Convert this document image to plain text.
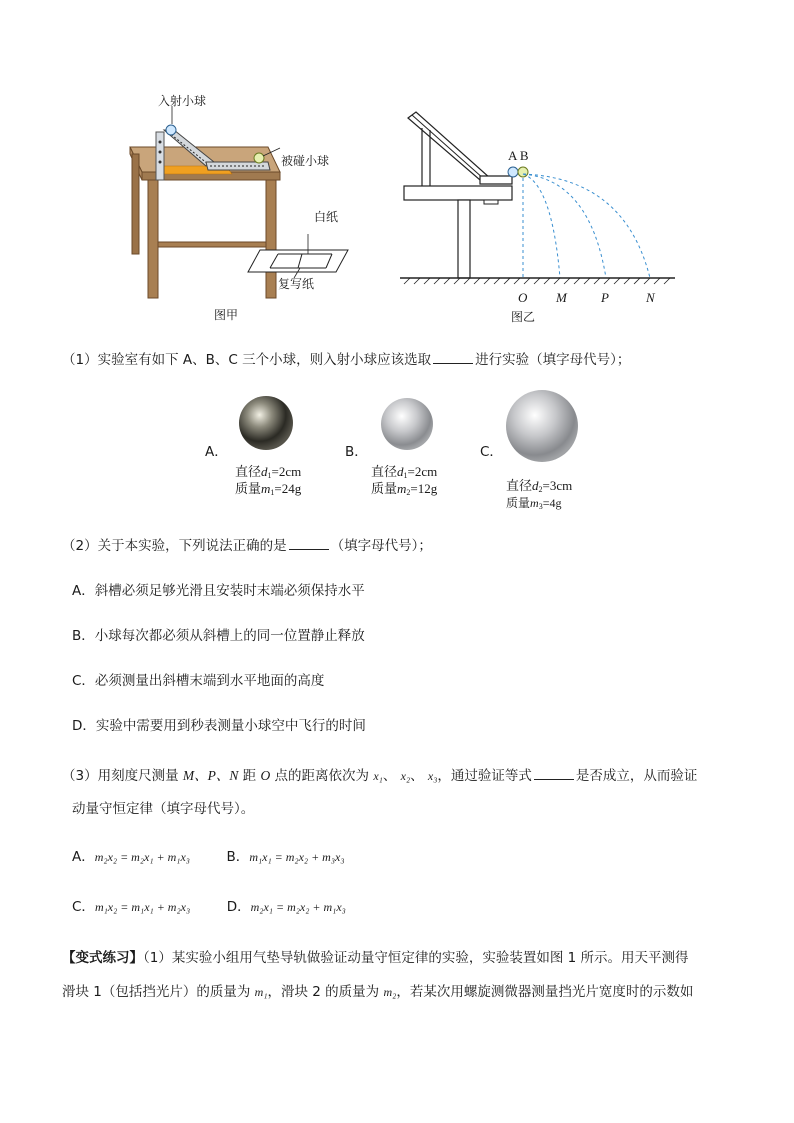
入射小球
被碰小球
白纸
复写纸
图甲
A B
O M	P	N
图乙
（1）实验室有如下 A、B、C 三个小球，则入射小球应该选取	进行实验（填字母代号）；
A．
直径$d_1=2cm$
质量$m_1=24g$
B．
直径$d_1=2cm$
质量$m_2=12g$
C．
直径$d_2=3cm$
质量$m_3=4g$
（2）关于本实验，下列说法正确的是	（填字母代号）；
A．斜槽必须足够光滑且安装时末端必须保持水平
B．小球每次都必须从斜槽上的同一位置静止释放
C．必须测量出斜槽末端到水平地面的高度
D．实验中需要用到秒表测量小球空中飞行的时间
（3）用刻度尺测量 M、P、N 距 O 点的距离依次为 x₁、 x₂、 x₃，通过验证等式	是否成立，从而验证
动量守恒定律（填字母代号）。
A．m₂x₂ = m₂x₁ + m₁x₃	B．m₁x₁ = m₂x₂ + m₃x₃
C．m₁x₂ = m₁x₁ + m₂x₃	D．m₂x₁ = m₂x₂ + m₁x₃
【变式练习】（1）某实验小组用气垫导轨做验证动量守恒定律的实验，实验装置如图 1 所示。用天平测得
滑块 1（包括挡光片）的质量为 m₁，滑块 2 的质量为 m₂，若某次用螺旋测微器测量挡光片宽度时的示数如
